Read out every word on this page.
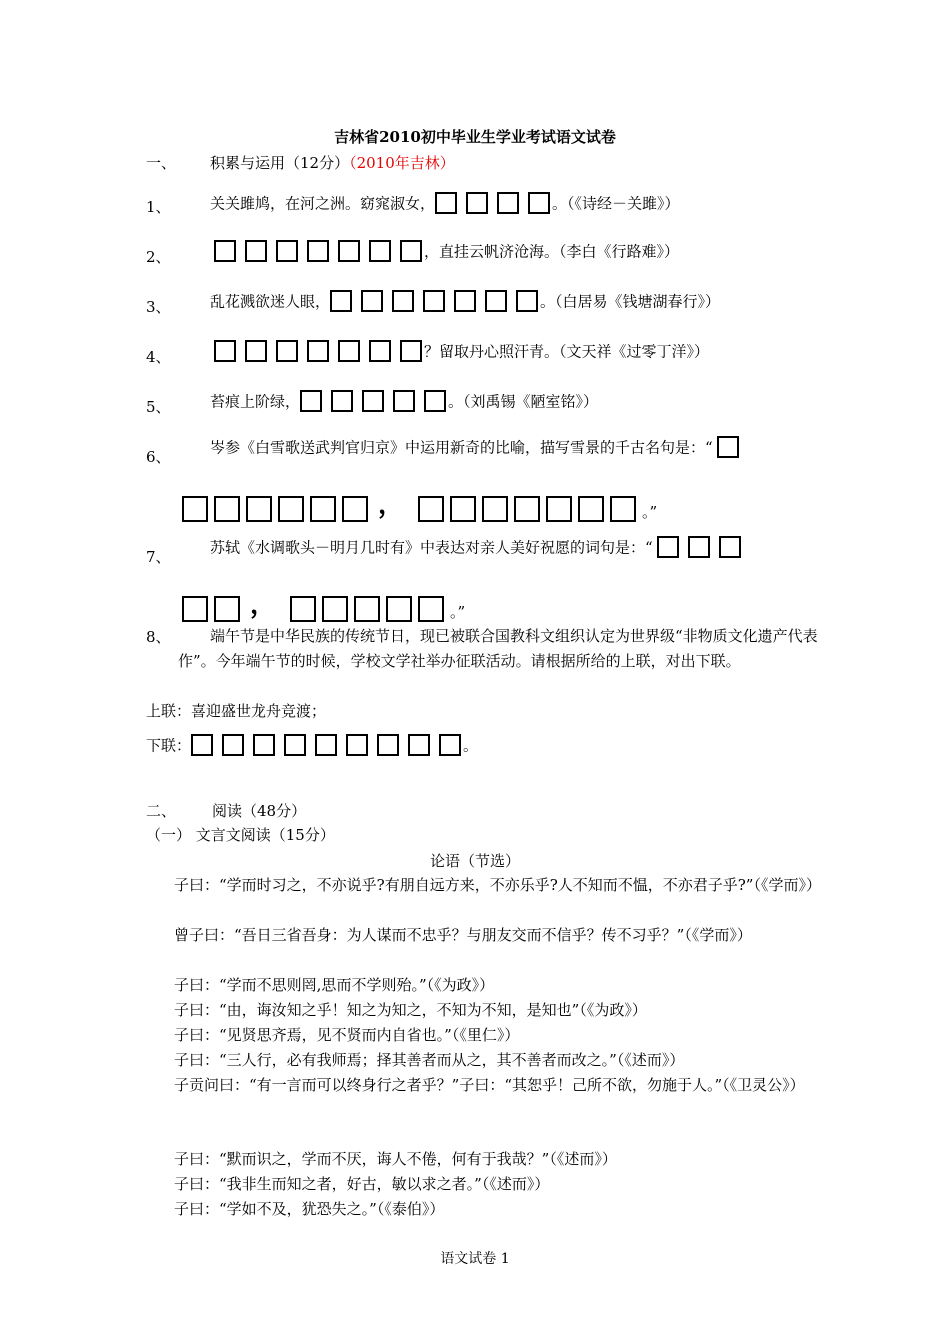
吉林省2010初中毕业生学业考试语文试卷
一、 积累与运用（12分）（2010年吉林）
1、	关关雎鸠，在河之洲。窈窕淑女，	。（《诗经－关雎》）
2、	，直挂云帆济沧海。（李白《行路难》）
3、	乱花溅欲迷人眼，	。（白居易《钱塘湖春行》）
4、	？留取丹心照汗青。（文天祥《过零丁洋》）
5、	苔痕上阶绿，	。（刘禹锡《陋室铭》）
6、
岑参《白雪歌送武判官归京》中运用新奇的比喻，描写雪景的千古名句是：“
，	。”
7、
苏轼《水调歌头－明月几时有》中表达对亲人美好祝愿的词句是：“
，	。”
8、	端午节是中华民族的传统节日，现已被联合国教科文组织认定为世界级“非物质文化遗产代表作”。今年端午节的时候，学校文学社举办征联活动。请根据所给的上联，对出下联。
上联：喜迎盛世龙舟竞渡；
下联：	。
二、 阅读（48分）
（一） 文言文阅读（15分）
论语（节选）
子曰：“学而时习之，不亦说乎?有朋自远方来，不亦乐乎?人不知而不愠，不亦君子乎?”（《学而》）
曾子曰：“吾日三省吾身：为人谋而不忠乎？与朋友交而不信乎？传不习乎？”（《学而》）
子曰：“学而不思则罔,思而不学则殆。”（《为政》）
子曰：“由，诲汝知之乎！知之为知之，不知为不知，是知也”（《为政》）
子曰：“见贤思齐焉，见不贤而内自省也。”（《里仁》）
子曰：“三人行，必有我师焉；择其善者而从之，其不善者而改之。”（《述而》）
子贡问曰：“有一言而可以终身行之者乎？”子曰：“其恕乎！己所不欲，勿施于人。”（《卫灵公》）
子曰：“默而识之，学而不厌，诲人不倦，何有于我哉？”（《述而》）
子曰：“我非生而知之者，好古，敏以求之者。”（《述而》）
子曰：“学如不及，犹恐失之。”（《泰伯》）
语文试卷 1
